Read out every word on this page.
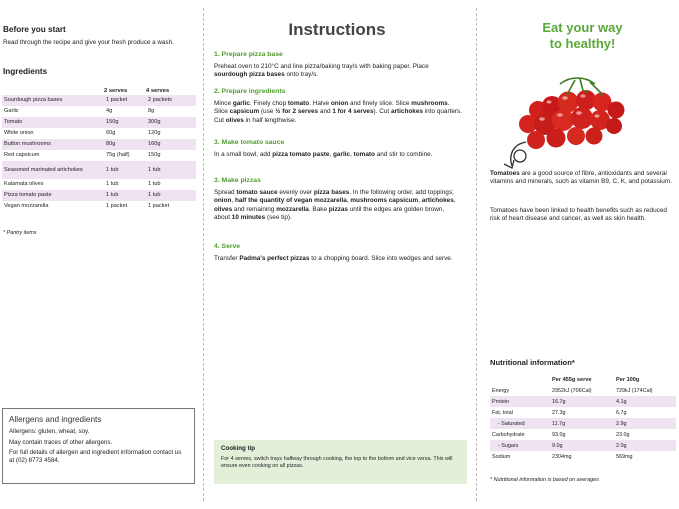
Before you start

Read through the recipe and give your fresh produce a wash.

Ingredients
	2 serves	4 serves
Sourdough pizza bases	1 packet	2 packets
Garlic	4g	8g
Tomato	150g	300g
White onion	60g	120g
Button mushrooms	80g	160g
Red capsicum	75g (half)	150g
Seasoned marinated artichokes	1 tub	1 tub
Kalamata olives	1 tub	1 tub
Pizza tomato paste	1 tub	1 tub
Vegan mozzarella	1 packet	1 packet

* Pantry items

Allergens and ingredients

Allergens: gluten, wheat, soy.

May contain traces of other allergens.

For full details of allergen and ingredient information contact us at (02) 8773 4584.

Instructions
1. Prepare pizza base

Preheat oven to 210°C and line pizza/baking tray/s with baking paper. Place sourdough pizza bases onto tray/s.

2. Prepare ingredients

Mince garlic. Finely chop tomato. Halve onion and finely slice. Slice mushrooms. Slice capsicum (use ½ for 2 serves and 1 for 4 serves). Cut artichokes into quarters. Cut olives in half lengthwise.

3. Make tomato sauce

In a small bowl, add pizza tomato paste, garlic, tomato and stir to combine.

3. Make pizzas

Spread tomato sauce evenly over pizza bases. In the following order, add toppings; onion, half the quantity of vegan mozzarella, mushrooms capsicum, artichokes, olives and remaining mozzarella. Bake pizzas until the edges are golden brown, about 10 minutes (see tip).

4. Serve

Transfer Padma's perfect pizzas to a chopping board. Slice into wedges and serve.

Cooking tip

For 4 serves, switch trays halfway through cooking, the top to the bottom and vice versa. This will ensure even cooking on all pizzas.

Eat your way
to healthy!

Tomatoes are a good source of fibre, antioxidants and several vitamins and minerals, such as vitamin B9, C, K, and potassium.

Tomatoes have been linked to health benefits such as reduced risk of heart disease and cancer, as well as skin health.

Nutritional information*
	Per 455g serve	Per 100g
Energy	2952kJ (706Cal)	729kJ (174Cal)
Protein	16.7g	4.1g
Fat, total	27.3g	6.7g
- Saturated	11.7g	2.9g
Carbohydrate	93.0g	23.0g
- Sugars	9.0g	2.0g
Sodium	2304mg	569mg

* Nutritional information is based on averages
